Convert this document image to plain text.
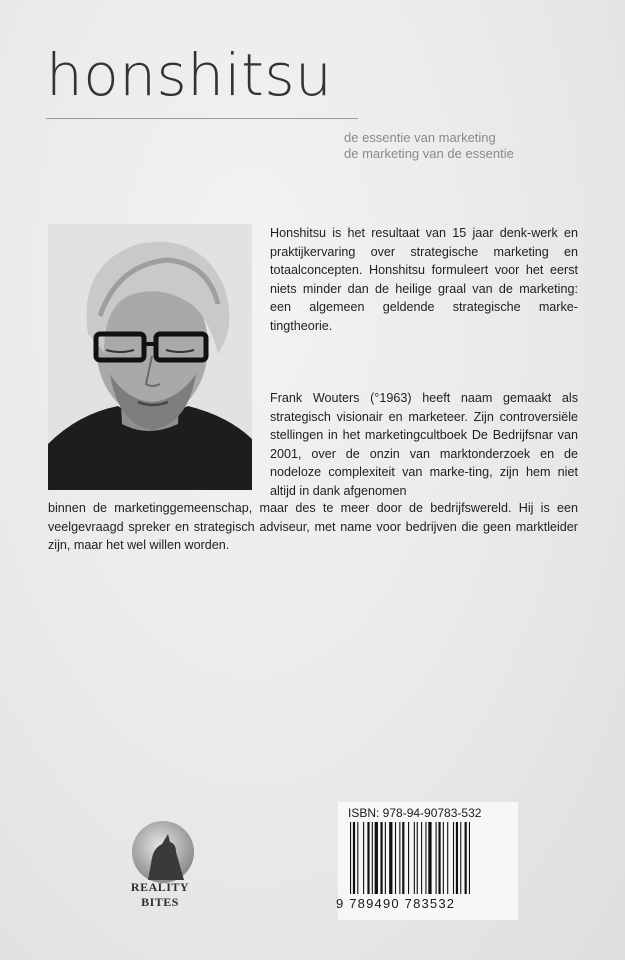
honshitsu
de essentie van marketing
de marketing van de essentie
Honshitsu is het resultaat van 15 jaar denk-werk en praktijkervaring over strategische marketing en totaalconcepten. Honshitsu formuleert voor het eerst niets minder dan de heilige graal van de marketing: een algemeen geldende strategische marke-tingtheorie.
Frank Wouters (°1963) heeft naam gemaakt als strategisch visionair en marketeer. Zijn controversiële stellingen in het marketingcultboek De Bedrijfsnar van 2001, over de onzin van marktonderzoek en de nodeloze complexiteit van marke-ting, zijn hem niet altijd in dank afgenomen
binnen de marketinggemeenschap, maar des te meer door de bedrijfswereld. Hij is een veelgevraagd spreker en strategisch adviseur, met name voor bedrijven die geen marktleider zijn, maar het wel willen worden.
REALITY
BITES
ISBN: 978-94-90783-532
9 789490 783532
